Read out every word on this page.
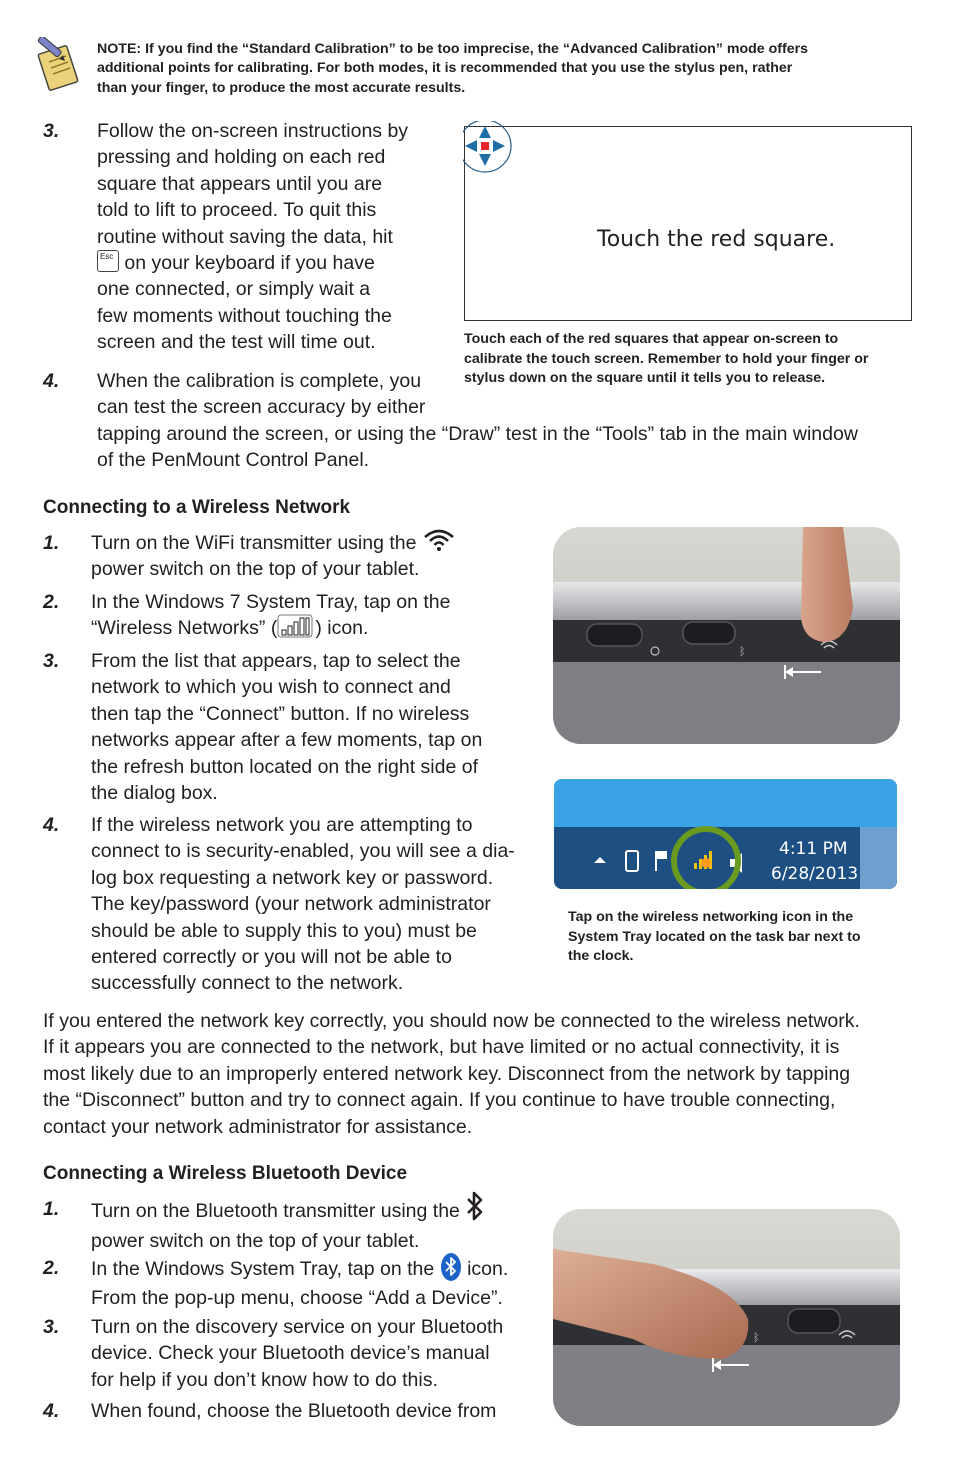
NOTE: If you find the “Standard Calibration” to be too imprecise, the “Advanced Calibration” mode offers
additional points for calibrating. For both modes, it is recommended that you use the stylus pen, rather
than your finger, to produce the most accurate results.
3. Follow the on-screen instructions by
pressing and holding on each red
square that appears until you are
told to lift to proceed. To quit this
routine without saving the data, hit
Esc on your keyboard if you have
one connected, or simply wait a
few moments without touching the
screen and the test will time out.
Touch the red square.
Touch each of the red squares that appear on-screen to
calibrate the touch screen. Remember to hold your finger or
stylus down on the square until it tells you to release.
4. When the calibration is complete, you
can test the screen accuracy by either
tapping around the screen, or using the “Draw” test in the “Tools” tab in the main window
of the PenMount Control Panel.
Connecting to a Wireless Network
1. Turn on the WiFi transmitter using the
power switch on the top of your tablet.
2. In the Windows 7 System Tray, tap on the
“Wireless Networks” ( ) icon.
3. From the list that appears, tap to select the
network to which you wish to connect and
then tap the “Connect” button. If no wireless
networks appear after a few moments, tap on
the refresh button located on the right side of
the dialog box.
4. If the wireless network you are attempting to
connect to is security-enabled, you will see a dia-
log box requesting a network key or password.
The key/password (your network administrator
should be able to supply this to you) must be
entered correctly or you will not be able to
successfully connect to the network.
ᛒ
4:11 PM
6/28/2013
Tap on the wireless networking icon in the
System Tray located on the task bar next to
the clock.
If you entered the network key correctly, you should now be connected to the wireless network.
If it appears you are connected to the network, but have limited or no actual connectivity, it is
most likely due to an improperly entered network key. Disconnect from the network by tapping
the “Disconnect” button and try to connect again. If you continue to have trouble connecting,
contact your network administrator for assistance.
Connecting a Wireless Bluetooth Device
1. Turn on the Bluetooth transmitter using the
power switch on the top of your tablet.
2. In the Windows System Tray, tap on the icon.
From the pop-up menu, choose “Add a Device”.
3. Turn on the discovery service on your Bluetooth
device. Check your Bluetooth device’s manual
for help if you don’t know how to do this.
4. When found, choose the Bluetooth device from
ᛒ
